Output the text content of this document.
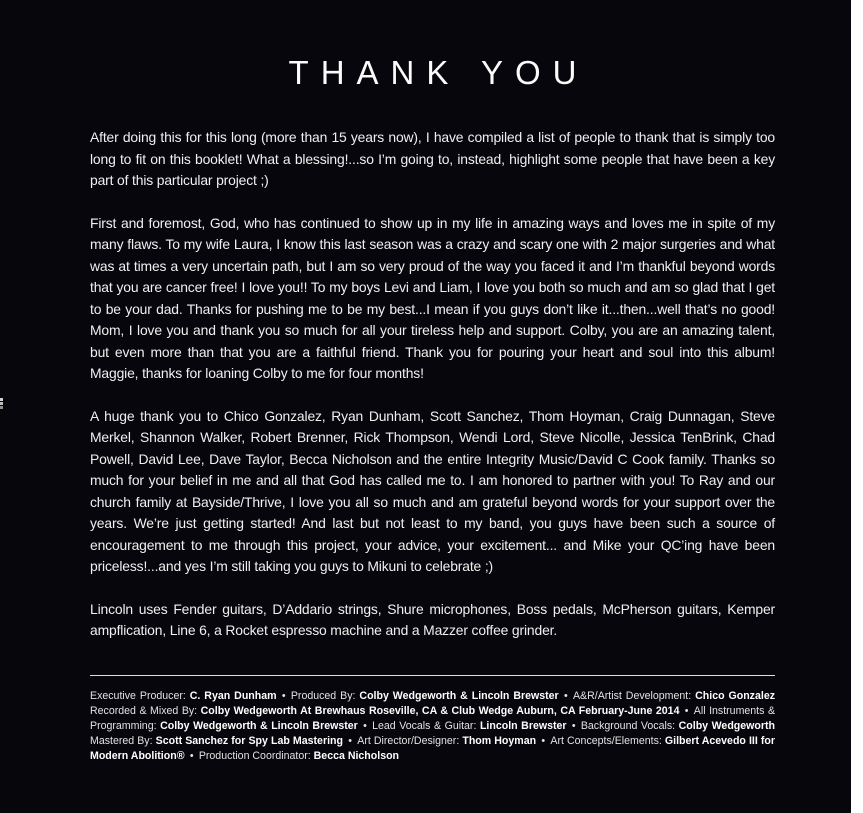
THANK YOU

After doing this for this long (more than 15 years now), I have compiled a list of people to thank that is simply too long to fit on this booklet! What a blessing!...so I’m going to, instead, highlight some people that have been a key part of this particular project ;)

First and foremost, God, who has continued to show up in my life in amazing ways and loves me in spite of my many flaws. To my wife Laura, I know this last season was a crazy and scary one with 2 major surgeries and what was at times a very uncertain path, but I am so very proud of the way you faced it and I’m thankful beyond words that you are cancer free! I love you!! To my boys Levi and Liam, I love you both so much and am so glad that I get to be your dad. Thanks for pushing me to be my best...I mean if you guys don’t like it...then...well that’s no good! Mom, I love you and thank you so much for all your tireless help and support. Colby, you are an amazing talent, but even more than that you are a faithful friend. Thank you for pouring your heart and soul into this album! Maggie, thanks for loaning Colby to me for four months!

A huge thank you to Chico Gonzalez, Ryan Dunham, Scott Sanchez, Thom Hoyman, Craig Dunnagan, Steve Merkel, Shannon Walker, Robert Brenner, Rick Thompson, Wendi Lord, Steve Nicolle, Jessica TenBrink, Chad Powell, David Lee, Dave Taylor, Becca Nicholson and the entire Integrity Music/David C Cook family. Thanks so much for your belief in me and all that God has called me to. I am honored to partner with you! To Ray and our church family at Bayside/Thrive, I love you all so much and am grateful beyond words for your support over the years. We’re just getting started! And last but not least to my band, you guys have been such a source of encouragement to me through this project, your advice, your excitement... and Mike your QC’ing have been priceless!...and yes I’m still taking you guys to Mikuni to celebrate ;)

Lincoln uses Fender guitars, D’Addario strings, Shure microphones, Boss pedals, McPherson guitars, Kemper ampflication, Line 6, a Rocket espresso machine and a Mazzer coffee grinder.

Executive Producer: C. Ryan Dunham • Produced By: Colby Wedgeworth & Lincoln Brewster • A&R/Artist Development: Chico Gonzalez
Recorded & Mixed By: Colby Wedgeworth At Brewhaus Roseville, CA & Club Wedge Auburn, CA February-June 2014 • All Instruments &
Programming: Colby Wedgeworth & Lincoln Brewster • Lead Vocals & Guitar: Lincoln Brewster • Background Vocals: Colby Wedgeworth
Mastered By: Scott Sanchez for Spy Lab Mastering • Art Director/Designer: Thom Hoyman • Art Concepts/Elements: Gilbert Acevedo III for
Modern Abolition® • Production Coordinator: Becca Nicholson
